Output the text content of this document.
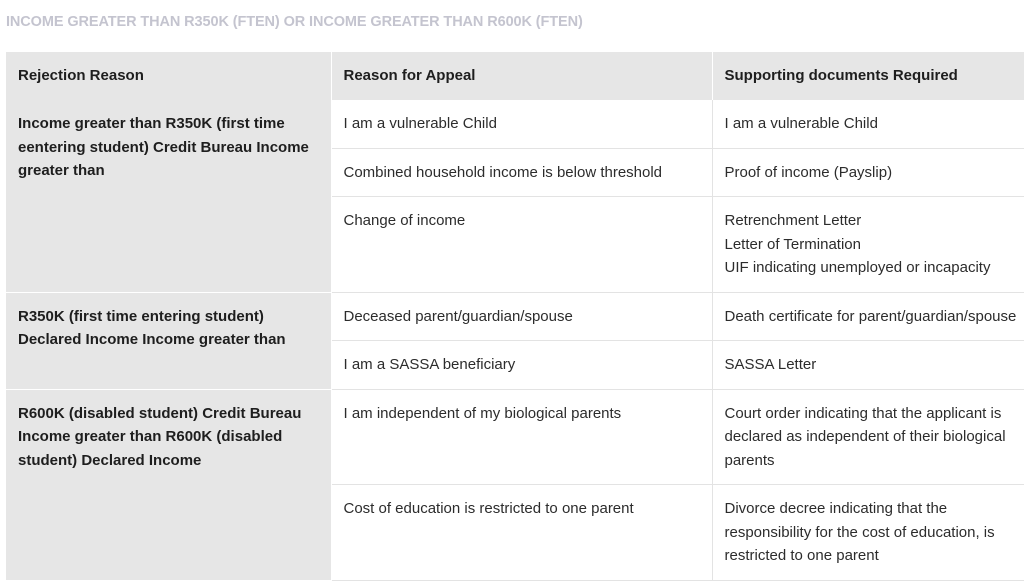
INCOME GREATER THAN R350K (FTEN) OR INCOME GREATER THAN R600K (FTEN)
Rejection Reason	Reason for Appeal	Supporting documents Required
Income greater than R350K (first time eentering student) Credit Bureau Income greater than	I am a vulnerable Child	I am a vulnerable Child

	Combined household income is below threshold	Proof of income (Payslip)

	Change of income	Retrenchment Letter
Letter of Termination
UIF indicating unemployed or incapacity

R350K (first time entering student) Declared Income Income greater than	Deceased parent/guardian/spouse	Death certificate for parent/guardian/spouse

	I am a SASSA beneficiary	SASSA Letter

R600K (disabled student) Credit Bureau Income greater than R600K (disabled student) Declared Income	I am independent of my biological parents	Court order indicating that the applicant is declared as independent of their biological parents

	Cost of education is restricted to one parent	Divorce decree indicating that the responsibility for the cost of education, is restricted to one parent
